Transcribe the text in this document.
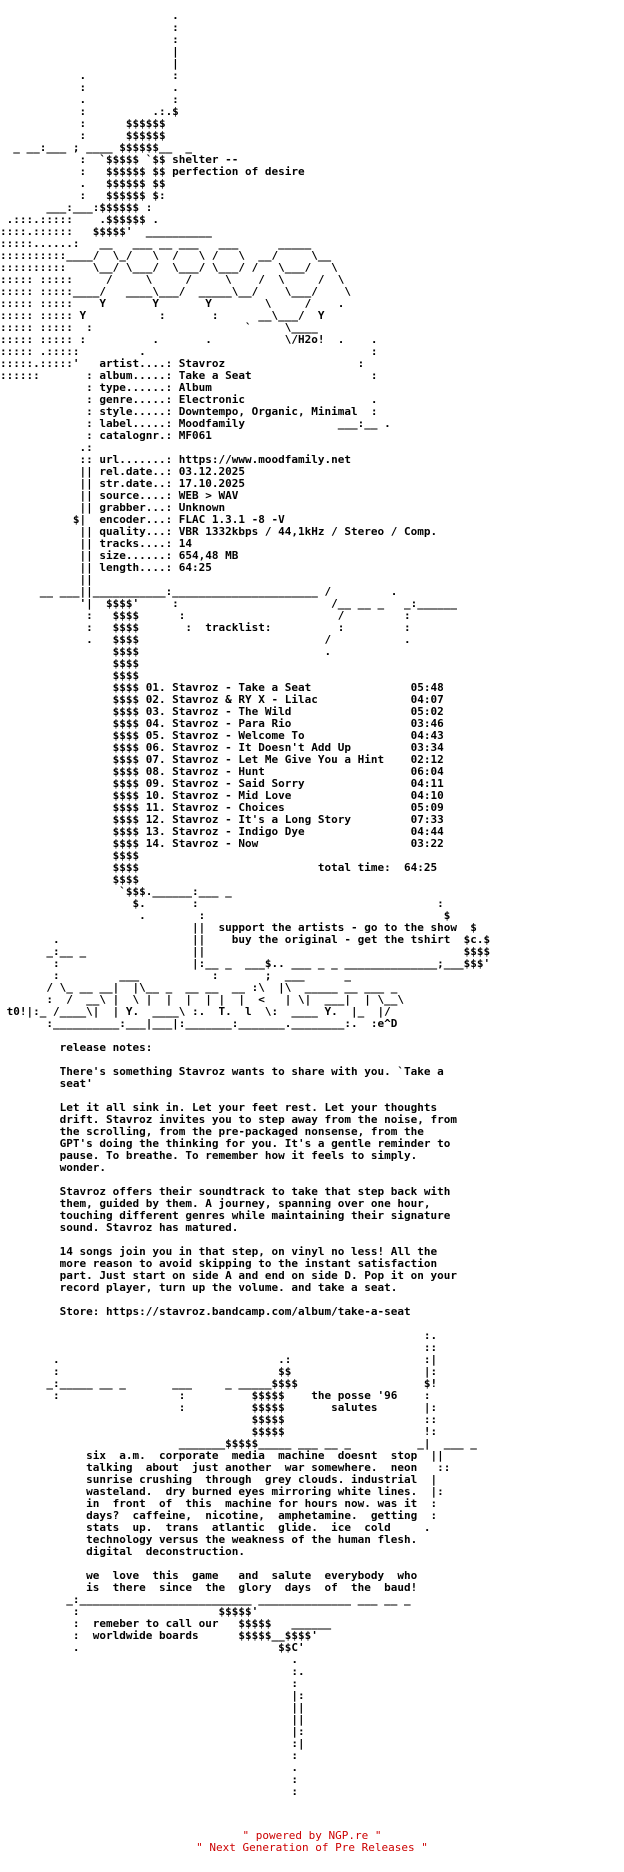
.
:
:
|
|
.             :
:             .
.             :
:          .:.$
:      $$$$$$
:      $$$$$$
_ __:___ ; ____ $$$$$$__  _
:  `$$$$$ `$$ shelter --
:   $$$$$$ $$ perfection of desire
.   $$$$$$ $$
:   $$$$$$ $:
___:___:$$$$$$ :
.:::.:::::    .$$$$$$ .
::::.::::::   $$$$$'  __________
:::::......:   __   ___ __ ___   ___      _____
::::::::::____/  \_/   \  /   \ /   \  __/     \__
::::::::::    \__/ \___/  \___/ \___/ /   \___/   \
::::: :::::     /     \     /     \    /  \     /  \
::::: :::::____/   ____\___/  _____\__/    \___/    \
::::: :::::    Y       Y       Y        \     /    .
::::: ::::: Y           :       :      __\___/  Y
::::: :::::  :                       `     \____
::::: ::::: :          .       .           \/H2o!  .    .
::::: .:::::         .                                  :
:::::.:::::'   artist....: Stavroz                    :
::::::       : album.....: Take a Seat                  :
: type......: Album
: genre.....: Electronic                   .
: style.....: Downtempo, Organic, Minimal  :
: label.....: Moodfamily              ___:__ .
: catalognr.: MF061
.:
:: url.......: https://www.moodfamily.net
|| rel.date..: 03.12.2025
|| str.date..: 17.10.2025
|| source....: WEB > WAV
|| grabber...: Unknown
$|  encoder...: FLAC 1.3.1 -8 -V
|| quality...: VBR 1332kbps / 44,1kHz / Stereo / Comp.
|| tracks....: 14
|| size......: 654,48 MB
|| length....: 64:25
||
__ ___||___________:______________________ /         .
'|  $$$$'     :                       /__ __ _   _:______
:   $$$$      :                       /         :
:   $$$$       :  tracklist:          :         :
.   $$$$                            /           .
$$$$                            .
$$$$
$$$$
$$$$ 01. Stavroz - Take a Seat               05:48
$$$$ 02. Stavroz & RY X - Lilac              04:07
$$$$ 03. Stavroz - The Wild                  05:02
$$$$ 04. Stavroz - Para Rio                  03:46
$$$$ 05. Stavroz - Welcome To                04:43
$$$$ 06. Stavroz - It Doesn't Add Up         03:34
$$$$ 07. Stavroz - Let Me Give You a Hint    02:12
$$$$ 08. Stavroz - Hunt                      06:04
$$$$ 09. Stavroz - Said Sorry                04:11
$$$$ 10. Stavroz - Mid Love                  04:10
$$$$ 11. Stavroz - Choices                   05:09
$$$$ 12. Stavroz - It's a Long Story         07:33
$$$$ 13. Stavroz - Indigo Dye                04:44
$$$$ 14. Stavroz - Now                       03:22
$$$$
$$$$                           total time:  64:25
$$$$
`$$$.______:___ _
$.       :                                    :
.        :                                    $
||  support the artists - go to the show  $
.                    ||    buy the original - get the tshirt  $c.$
_:__ _                ||                                       $$$$
:                    |:__ _  ___$.. ___ _ _ ______________;___$$$'
:         ___           :       ;  ___      _
/ \_ __ __|  |\__ _  __ __  __ :\  |\  _____ __ ___ _
:  /  __\ |  \ |  |  |  | |  |  <   | \|  ___|  | \__\
t0!|:_ /____\|  | Y.  ____\ :.  T.  l  \:  ____ Y.  |_  |/
:__________:___|___|:_______:_______.________:.  :e^D
release notes:
There's something Stavroz wants to share with you. `Take a
seat'
Let it all sink in. Let your feet rest. Let your thoughts
drift. Stavroz invites you to step away from the noise, from
the scrolling, from the pre-packaged nonsense, from the
GPT's doing the thinking for you. It's a gentle reminder to
pause. To breathe. To remember how it feels to simply.
wonder.
Stavroz offers their soundtrack to take that step back with
them, guided by them. A journey, spanning over one hour,
touching different genres while maintaining their signature
sound. Stavroz has matured.
14 songs join you in that step, on vinyl no less! All the
more reason to avoid skipping to the instant satisfaction
part. Just start on side A and end on side D. Pop it on your
record player, turn up the volume. and take a seat.
Store: https://stavroz.bandcamp.com/album/take-a-seat
:.
::
.                                 .:                    :|
:                                 $$                    |:
_:_____ __ _       ___     _ _____$$$$                   $!
:                  :          $$$$$    the posse '96    :
:          $$$$$       salutes       |:
$$$$$                     ::
$$$$$                     !:
_______$$$$$_____ ___ __ _          _|  ___ _
six  a.m.  corporate  media  machine  doesnt  stop  ||
talking  about  just another  war somewhere.  neon   ::
sunrise crushing  through  grey clouds. industrial  |
wasteland.  dry burned eyes mirroring white lines.  |:
in  front  of  this  machine for hours now. was it  :
days?  caffeine,  nicotine,  amphetamine.  getting  :
stats  up.  trans  atlantic  glide.  ice  cold     .
technology versus the weakness of the human flesh.
digital  deconstruction.
we  love  this  game   and  salute  everybody  who
is  there  since  the  glory  days  of  the  baud!
_:__________________________ ______________ ___ __ _
:                     $$$$$'
:  remeber to call our   $$$$$   ______
:  worldwide boards      $$$$$__$$$$'
.                              $$C'
.
:.
:
|:
||
||
|:
:|
:
.
:
:
" powered by NGP.re "
" Next Generation of Pre Releases "
